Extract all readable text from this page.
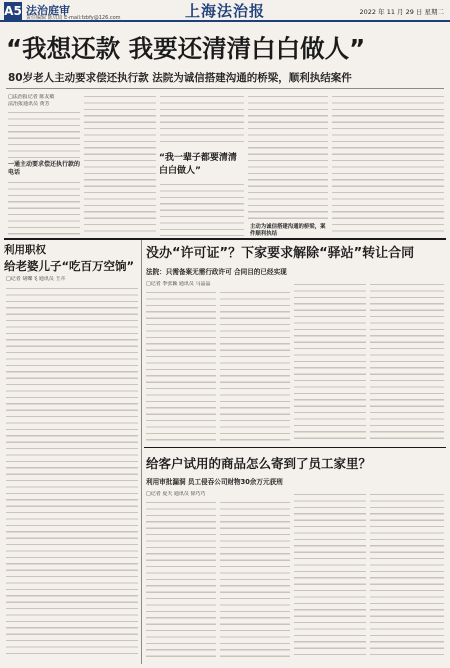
A5 法治庭审
责任编辑 陈贝琦 E-mail:fzbfy@126.com	上海法治报	2022 年 11 月 29 日 星期二
“我想还款 我要还清清白白做人”
80岁老人主动要求偿还执行款 法院为诚信搭建沟通的桥梁，顺利执结案件
□法治报记者 陈友敏
法治报通讯员 黄芳
一通主动要求偿还执行款的电话
“我一辈子都要清清白白做人”
主动为诚信搭建沟通的桥梁，案件顺利执结
利用职权
给老婆儿子“吃百万空饷”
□记者 胡蝶飞 通讯员 王卉
没办“许可证”？下家要求解除“驿站”转让合同
法院：只需备案无需行政许可 合同目的已经实现
□记者 季张颖 通讯员 马晶晶
给客户试用的商品怎么寄到了员工家里？
利用审批漏洞 员工侵吞公司财物30余万元获刑
□记者 夏天 通讯员 徐巧巧
